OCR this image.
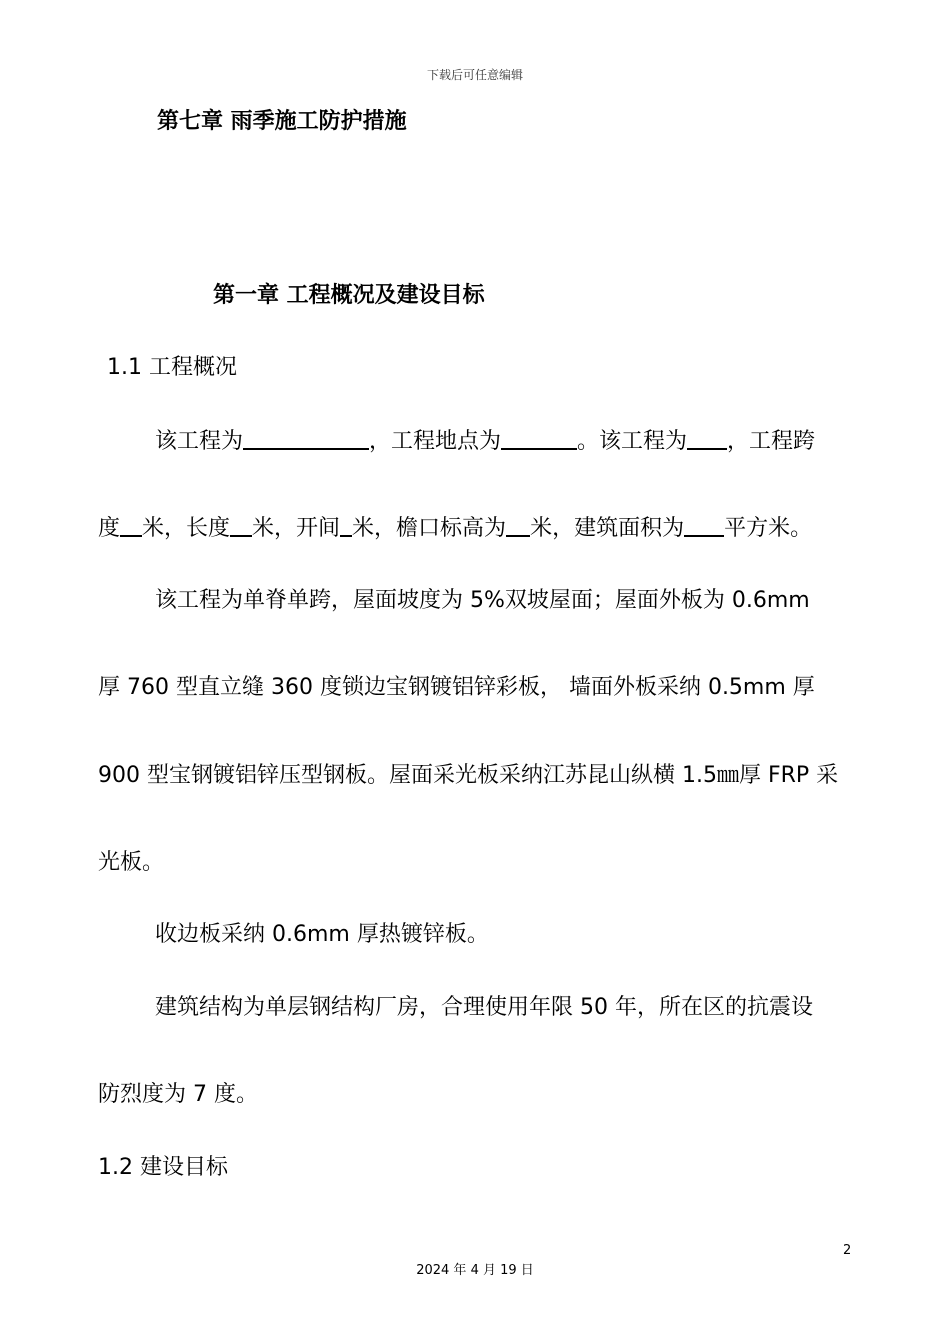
下载后可任意编辑
第七章 雨季施工防护措施
第一章 工程概况及建设目标
1.1 工程概况
该工程为	，工程地点为	。该工程为 ，工程跨
度 米，长度 米，开间 米，檐口标高为 米，建筑面积为 平方米。
该工程为单脊单跨，屋面坡度为 5%双坡屋面；屋面外板为 0.6mm
厚 760 型直立缝 360 度锁边宝钢镀铝锌彩板， 墙面外板采纳 0.5mm 厚
900 型宝钢镀铝锌压型钢板。屋面采光板采纳江苏昆山纵横 1.5㎜厚 FRP 采
光板。
收边板采纳 0.6mm 厚热镀锌板。
建筑结构为单层钢结构厂房，合理使用年限 50 年，所在区的抗震设
防烈度为 7 度。
1.2 建设目标
2
2024 年 4 月 19 日
